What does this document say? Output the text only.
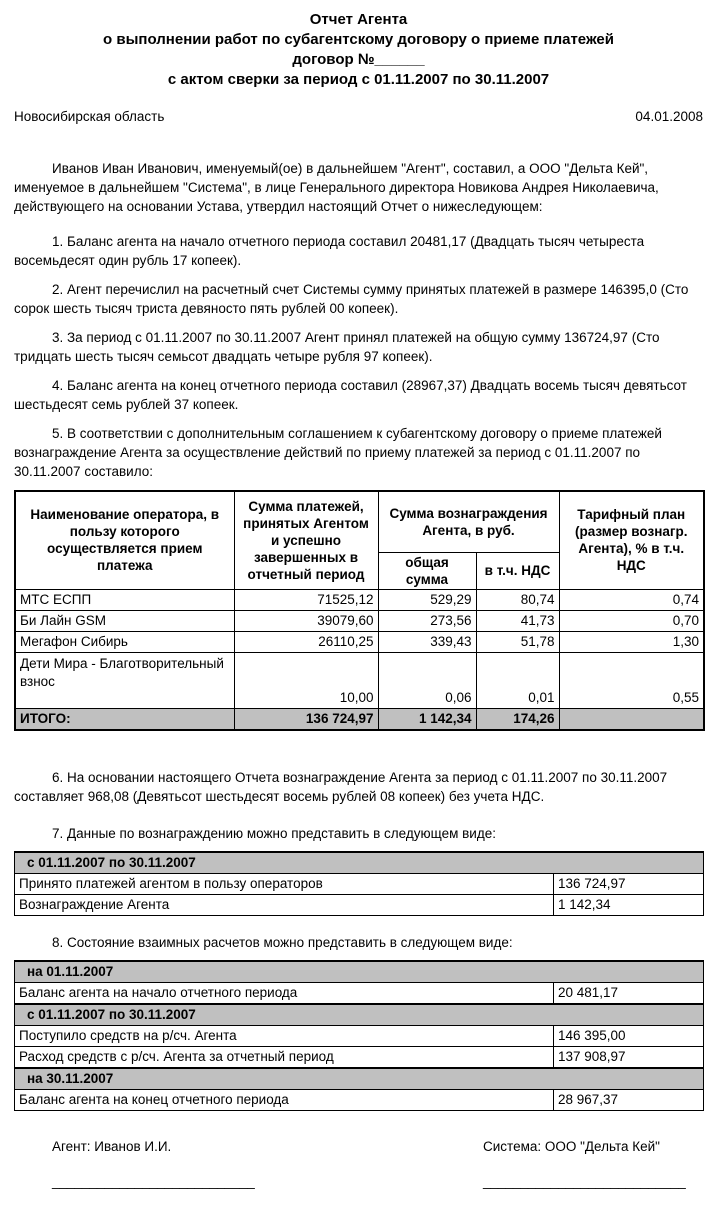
Отчет Агента
о выполнении работ по субагентскому договору о приеме платежей
договор №______
с актом сверки за период с 01.11.2007 по 30.11.2007
Новосибирская область	04.01.2008
Иванов Иван Иванович, именуемый(ое) в дальнейшем "Агент", составил, а ООО "Дельта Кей", именуемое в дальнейшем "Система", в лице Генерального директора Новикова Андрея Николаевича, действующего на основании Устава, утвердил настоящий Отчет о нижеследующем:
1. Баланс агента на начало отчетного периода составил 20481,17 (Двадцать тысяч четыреста восемьдесят один рубль 17 копеек).
2. Агент перечислил на расчетный счет Системы сумму принятых платежей в размере 146395,0 (Сто сорок шесть тысяч триста девяносто пять рублей 00 копеек).
3. За период с 01.11.2007 по 30.11.2007 Агент принял платежей на общую сумму 136724,97 (Сто тридцать шесть тысяч семьсот двадцать четыре рубля 97 копеек).
4. Баланс агента на конец отчетного периода составил (28967,37) Двадцать восемь тысяч девятьсот шестьдесят семь рублей 37 копеек.
5. В соответствии с дополнительным соглашением к субагентскому договору о приеме платежей вознаграждение Агента за осуществление действий по приему платежей за период с 01.11.2007 по 30.11.2007 составило:
Наименование оператора, в пользу которого осуществляется прием платежа	Сумма платежей, принятых Агентом и успешно завершенных в отчетный период	Сумма вознаграждения Агента, в руб.		Тарифный план (размер вознагр. Агента), % в т.ч. НДС
		общая сумма	в т.ч. НДС	
МТС ЕСПП	71525,12	529,29	80,74	0,74
Би Лайн GSM	39079,60	273,56	41,73	0,70
Мегафон Сибирь	26110,25	339,43	51,78	1,30
Дети Мира - Благотворительный взнос	10,00	0,06	0,01	0,55
ИТОГО:	136 724,97	1 142,34	174,26	
6. На основании настоящего Отчета вознаграждение Агента за период с 01.11.2007 по 30.11.2007 составляет 968,08 (Девятьсот шестьдесят восемь рублей 08 копеек) без учета НДС.
7. Данные по вознаграждению можно представить в следующем виде:
с 01.11.2007 по 30.11.2007	
Принято платежей агентом в пользу операторов	136 724,97
Вознаграждение Агента	1 142,34
8. Состояние взаимных расчетов можно представить в следующем виде:
на 01.11.2007	
Баланс агента на начало отчетного периода	20 481,17
с 01.11.2007 по 30.11.2007	
Поступило средств на р/сч. Агента	146 395,00
Расход средств с р/сч. Агента за отчетный период	137 908,97
на 30.11.2007	
Баланс агента на конец отчетного периода	28 967,37
Агент: Иванов И.И.
___________________________
Система: ООО "Дельта Кей"
___________________________
